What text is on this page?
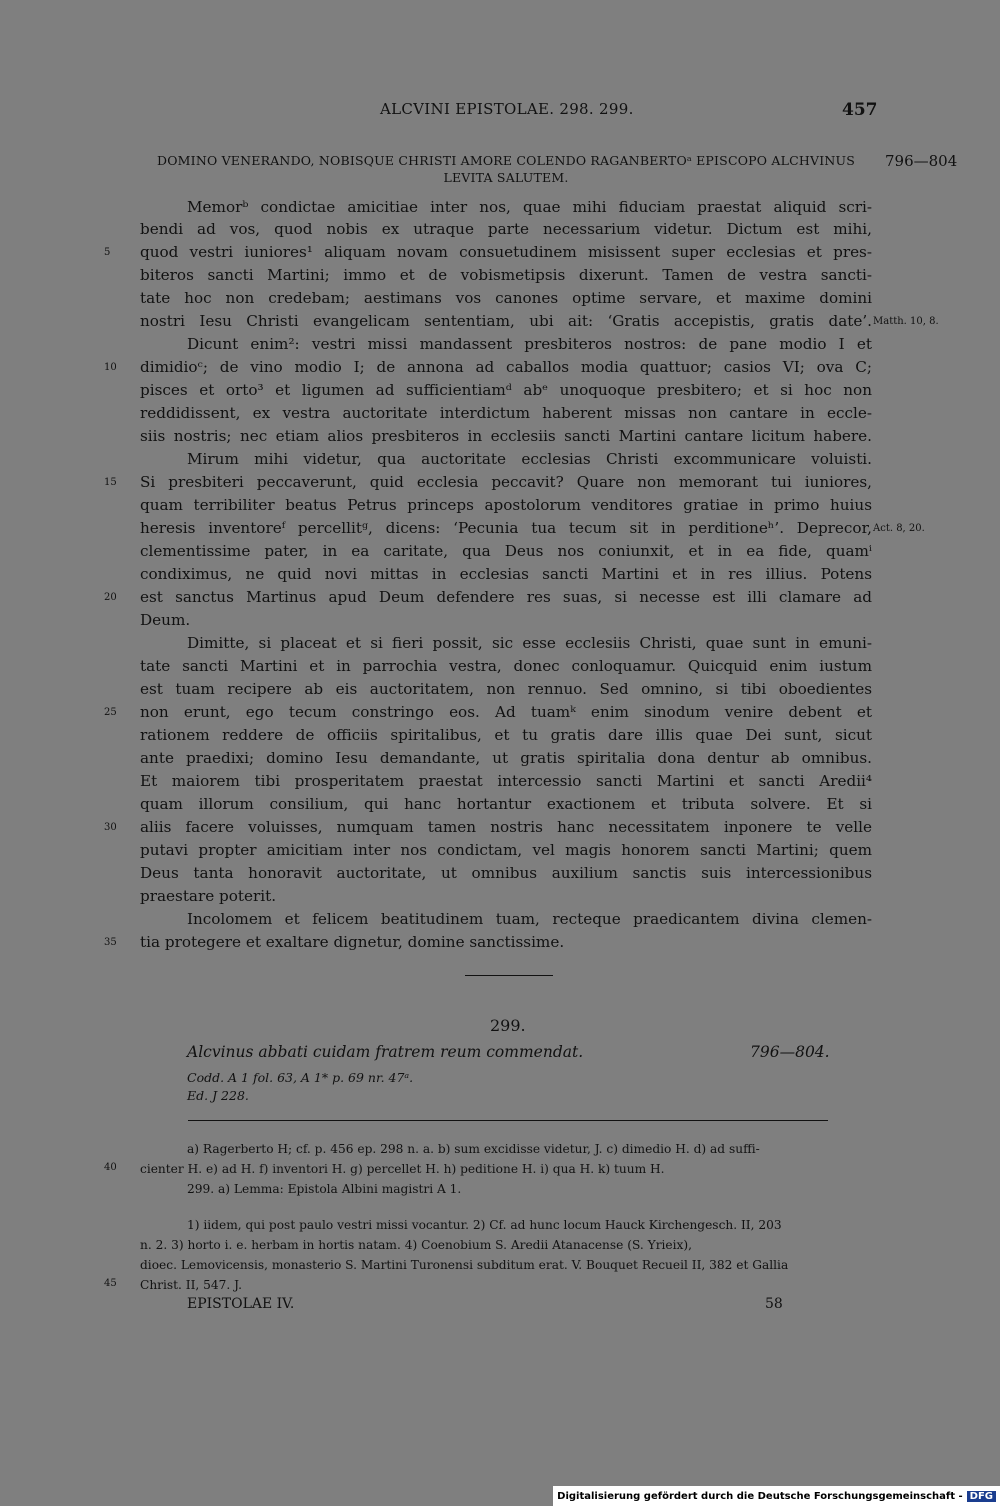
ALCVINI EPISTOLAE. 298. 299.	457
DOMINO VENERANDO, NOBISQUE CHRISTI AMORE COLENDO RAGANBERTOᵃ EPISCOPO ALCHVINUS
LEVITA SALUTEM.
796—804
Memorᵇ condictae amicitiae inter nos, quae mihi fiduciam praestat aliquid scri-
bendi ad vos, quod nobis ex utraque parte necessarium videtur. Dictum est mihi,
quod vestri iuniores¹ aliquam novam consuetudinem misissent super ecclesias et pres-
biteros sancti Martini; immo et de vobismetipsis dixerunt. Tamen de vestra sancti-
tate hoc non credebam; aestimans vos canones optime servare, et maxime domini
nostri Iesu Christi evangelicam sententiam, ubi ait: ‘Gratis accepistis, gratis date’.
Dicunt enim²: vestri missi mandassent presbiteros nostros: de pane modio I et
dimidioᶜ; de vino modio I; de annona ad caballos modia quattuor; casios VI; ova C;
pisces et orto³ et ligumen ad sufficientiamᵈ abᵉ unoquoque presbitero; et si hoc non
reddidissent, ex vestra auctoritate interdictum haberent missas non cantare in eccle-
siis nostris; nec etiam alios presbiteros in ecclesiis sancti Martini cantare licitum habere.
Mirum mihi videtur, qua auctoritate ecclesias Christi excommunicare voluisti.
Si presbiteri peccaverunt, quid ecclesia peccavit? Quare non memorant tui iuniores,
quam terribiliter beatus Petrus princeps apostolorum venditores gratiae in primo huius
heresis inventoreᶠ percellitᵍ, dicens: ‘Pecunia tua tecum sit in perditioneʰ’. Deprecor,
clementissime pater, in ea caritate, qua Deus nos coniunxit, et in ea fide, quamⁱ
condiximus, ne quid novi mittas in ecclesias sancti Martini et in res illius. Potens
est sanctus Martinus apud Deum defendere res suas, si necesse est illi clamare ad
Deum.
Dimitte, si placeat et si fieri possit, sic esse ecclesiis Christi, quae sunt in emuni-
tate sancti Martini et in parrochia vestra, donec conloquamur. Quicquid enim iustum
est tuam recipere ab eis auctoritatem, non rennuo. Sed omnino, si tibi oboedientes
non erunt, ego tecum constringo eos. Ad tuamᵏ enim sinodum venire debent et
rationem reddere de officiis spiritalibus, et tu gratis dare illis quae Dei sunt, sicut
ante praedixi; domino Iesu demandante, ut gratis spiritalia dona dentur ab omnibus.
Et maiorem tibi prosperitatem praestat intercessio sancti Martini et sancti Aredii⁴
quam illorum consilium, qui hanc hortantur exactionem et tributa solvere. Et si
aliis facere voluisses, numquam tamen nostris hanc necessitatem inponere te velle
putavi propter amicitiam inter nos condictam, vel magis honorem sancti Martini; quem
Deus tanta honoravit auctoritate, ut omnibus auxilium sanctis suis intercessionibus
praestare poterit.
Incolomem et felicem beatitudinem tuam, recteque praedicantem divina clemen-
tia protegere et exaltare dignetur, domine sanctissime.
5
10
15
20
25
30
35
Matth. 10, 8.
Act. 8, 20.
299.
Alcvinus abbati cuidam fratrem reum commendat.	796—804.
Codd. A 1 fol. 63, A 1* p. 69 nr. 47ᵃ.
Ed. J 228.
a) Ragerberto H; cf. p. 456 ep. 298 n. a. b) sum excidisse videtur, J. c) dimedio H. d) ad suffi-
cienter H. e) ad H. f) inventori H. g) percellet H. h) peditione H. i) qua H. k) tuum H.
299. a) Lemma: Epistola Albini magistri A 1.
40
1) iidem, qui post paulo vestri missi vocantur. 2) Cf. ad hunc locum Hauck Kirchengesch. II, 203
n. 2. 3) horto i. e. herbam in hortis natam. 4) Coenobium S. Aredii Atanacense (S. Yrieix),
dioec. Lemovicensis, monasterio S. Martini Turonensi subditum erat. V. Bouquet Recueil II, 382 et Gallia
Christ. II, 547. J.
45
EPISTOLAE IV.	58
Digitalisierung gefördert durch die Deutsche Forschungsgemeinschaft - DFG
